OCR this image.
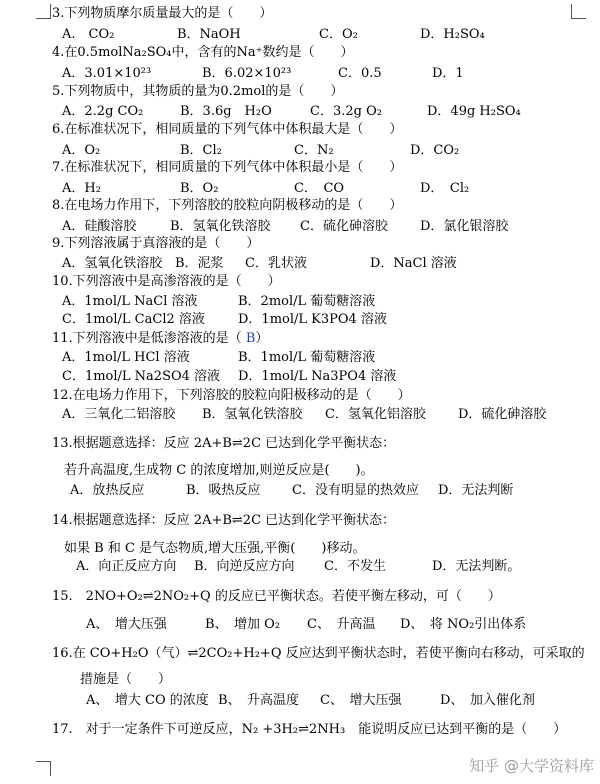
3.下列物质摩尔质量最大的是（　　）
A.　CO₂	B．NaOH	C．O₂	D．H₂SO₄
4.在0.5molNa₂SO₄中，含有的Na⁺数约是（　　）
A．3.01×10²³	B．6.02×10²³	C．0.5	D．1
5.下列物质中，其物质的量为0.2mol的是（　　）
A．2.2g CO₂	B．3.6g　H₂O	C．3.2g O₂	D．49g H₂SO₄
6.在标准状况下，相同质量的下列气体中体积最大是（　　）
A．O₂	B．Cl₂	C．N₂	D．CO₂
7.在标准状况下，相同质量的下列气体中体积最小是（　　）
A．H₂	B．O₂	C．　CO	D．　Cl₂
8.在电场力作用下，下列溶胶的胶粒向阴极移动的是（　　）
A．硅酸溶胶	B．氢氧化铁溶胶 C．硫化砷溶胶 D．氯化银溶胶
9.下列溶液属于真溶液的是（　　）
A．氢氧化铁溶胶 B．泥浆 C．乳状液	D．NaCl 溶液
10.下列溶液中是高渗溶液的是（　　）
A．1mol/L NaCl 溶液	B．2mol/L 葡萄糖溶液
C．1mol/L CaCl2 溶液	D．1mol/L K3PO4 溶液
11.下列溶液中是低渗溶液的是（ B）
A．1mol/L HCl 溶液	B．1mol/L 葡萄糖溶液
C．1mol/L Na2SO4 溶液 D．1mol/L Na3PO4 溶液
12.在电场力作用下，下列溶胶的胶粒向阳极移动的是（　　）
A．三氧化二铝溶胶 B．氢氧化铁溶胶 C．氢氧化铝溶胶 D．硫化砷溶胶
13.根据题意选择：反应 2A+B⇌2C 已达到化学平衡状态：
若升高温度,生成物 C 的浓度增加,则逆反应是(　　)。
A．放热反应	B．吸热反应 C．没有明显的热效应 D．无法判断
14.根据题意选择：反应 2A+B⇌2C 已达到化学平衡状态：
如果 B 和 C 是气态物质,增大压强,平衡(　　)移动。
A．向正反应方向 B．向逆反应方向 C．不发生	D．无法判断。
15.　2NO+O₂⇌2NO₂+Q 的反应已平衡状态。若使平衡左移动，可（　　）
A、　增大压强	B、　增加 O₂ C、　升高温 D、　将 NO₂引出体系
16.在 CO+H₂O（气）⇌2CO₂+H₂+Q 反应达到平衡状态时，若使平衡向右移动，可采取的
措施是（　　）
A、　增大 CO 的浓度 B、　升高温度 C、　增大压强	D、　加入催化剂
17.　对于一定条件下可逆反应，N₂ +3H₂⇌2NH₃　能说明反应已达到平衡的是（　　）
知乎 @大学资料库
